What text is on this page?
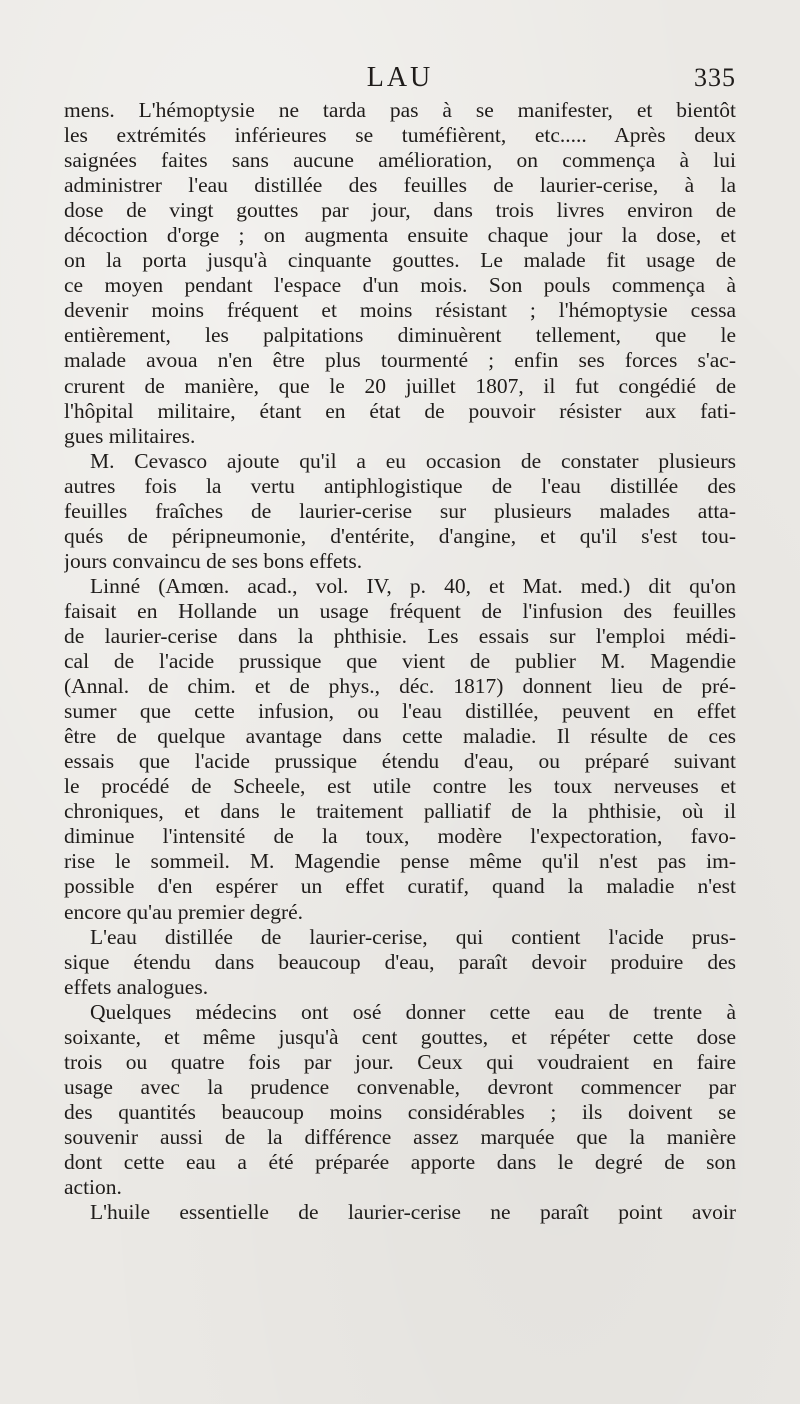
LAU	335
mens. L'hémoptysie ne tarda pas à se manifester, et bientôt
les extrémités inférieures se tuméfièrent, etc..... Après deux
saignées faites sans aucune amélioration, on commença à lui
administrer l'eau distillée des feuilles de laurier-cerise, à la
dose de vingt gouttes par jour, dans trois livres environ de
décoction d'orge ; on augmenta ensuite chaque jour la dose, et
on la porta jusqu'à cinquante gouttes. Le malade fit usage de
ce moyen pendant l'espace d'un mois. Son pouls commença à
devenir moins fréquent et moins résistant ; l'hémoptysie cessa
entièrement, les palpitations diminuèrent tellement, que le
malade avoua n'en être plus tourmenté ; enfin ses forces s'ac-
crurent de manière, que le 20 juillet 1807, il fut congédié de
l'hôpital militaire, étant en état de pouvoir résister aux fati-
gues militaires.
M. Cevasco ajoute qu'il a eu occasion de constater plusieurs
autres fois la vertu antiphlogistique de l'eau distillée des
feuilles fraîches de laurier-cerise sur plusieurs malades atta-
qués de péripneumonie, d'entérite, d'angine, et qu'il s'est tou-
jours convaincu de ses bons effets.
Linné (Amœn. acad., vol. IV, p. 40, et Mat. med.) dit qu'on
faisait en Hollande un usage fréquent de l'infusion des feuilles
de laurier-cerise dans la phthisie. Les essais sur l'emploi médi-
cal de l'acide prussique que vient de publier M. Magendie
(Annal. de chim. et de phys., déc. 1817) donnent lieu de pré-
sumer que cette infusion, ou l'eau distillée, peuvent en effet
être de quelque avantage dans cette maladie. Il résulte de ces
essais que l'acide prussique étendu d'eau, ou préparé suivant
le procédé de Scheele, est utile contre les toux nerveuses et
chroniques, et dans le traitement palliatif de la phthisie, où il
diminue l'intensité de la toux, modère l'expectoration, favo-
rise le sommeil. M. Magendie pense même qu'il n'est pas im-
possible d'en espérer un effet curatif, quand la maladie n'est
encore qu'au premier degré.
L'eau distillée de laurier-cerise, qui contient l'acide prus-
sique étendu dans beaucoup d'eau, paraît devoir produire des
effets analogues.
Quelques médecins ont osé donner cette eau de trente à
soixante, et même jusqu'à cent gouttes, et répéter cette dose
trois ou quatre fois par jour. Ceux qui voudraient en faire
usage avec la prudence convenable, devront commencer par
des quantités beaucoup moins considérables ; ils doivent se
souvenir aussi de la différence assez marquée que la manière
dont cette eau a été préparée apporte dans le degré de son
action.
L'huile essentielle de laurier-cerise ne paraît point avoir
